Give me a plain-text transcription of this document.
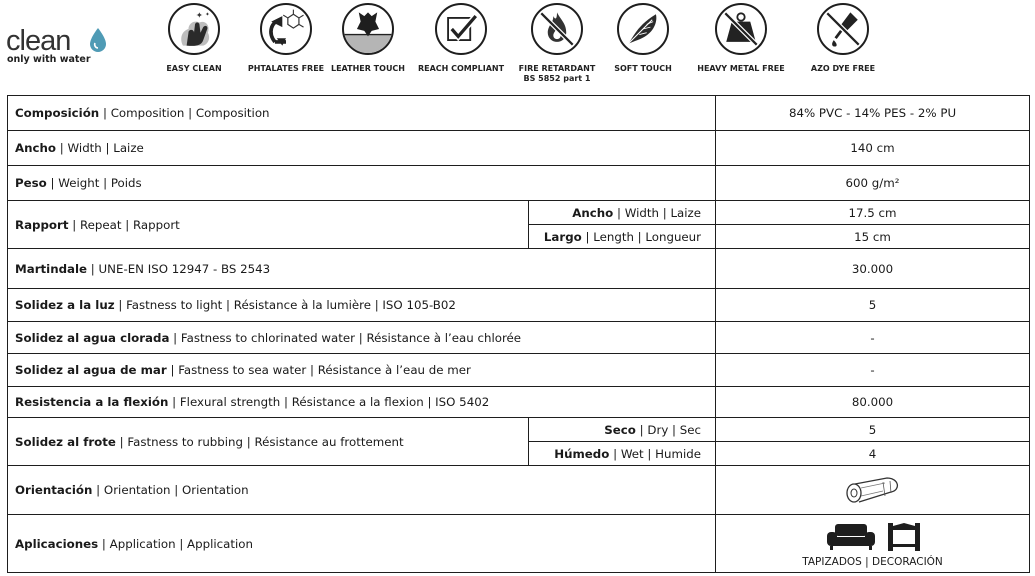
clean
only with water
✦ ✦
EASY CLEAN	PHTALATES FREE LEATHER TOUCH	REACH COMPLIANT	FIRE RETARDANT
BS 5852 part 1
SOFT TOUCH	HEAVY METAL FREE	AZO DYE FREE
Composición | Composition | Composition		84% PVC - 14% PES - 2% PU
Ancho | Width | Laize		140 cm
Peso | Weight | Poids		600 g/m²
Rapport | Repeat | Rapport	Ancho | Width | Laize	17.5 cm
	Largo | Length | Longueur	15 cm
Martindale | UNE-EN ISO 12947 - BS 2543		30.000
Solidez a la luz | Fastness to light | Résistance à la lumière | ISO 105-B02		5
Solidez al agua clorada | Fastness to chlorinated water | Résistance à l’eau chlorée		-
Solidez al agua de mar | Fastness to sea water | Résistance à l’eau de mer		-
Resistencia a la flexión | Flexural strength | Résistance a la flexion | ISO 5402		80.000
Solidez al frote | Fastness to rubbing | Résistance au frottement	Seco | Dry | Sec	5
	Húmedo | Wet | Humide	4
Orientación | Orientation | Orientation	

Aplicaciones | Application | Application		TAPIZADOS | DECORACIÓN
